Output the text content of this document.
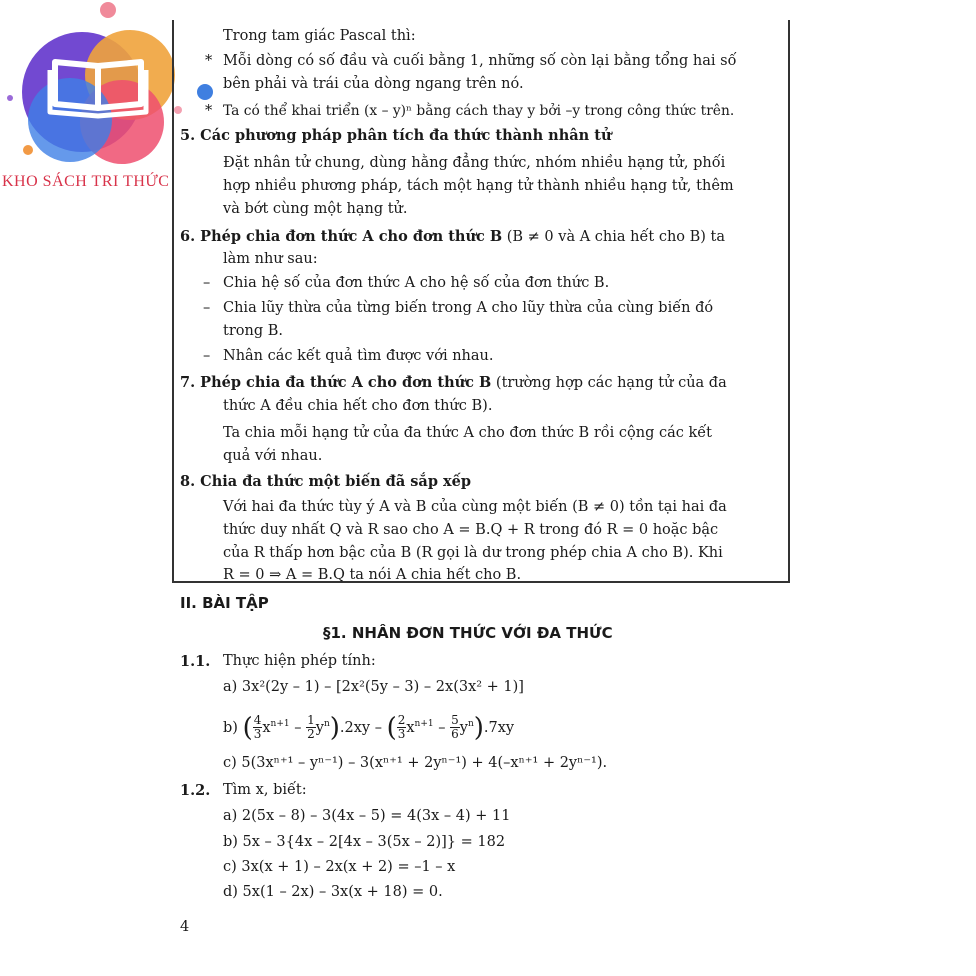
KHO SÁCH TRI THỨC
Trong tam giác Pascal thì:
* Mỗi dòng có số đầu và cuối bằng 1, những số còn lại bằng tổng hai số
bên phải và trái của dòng ngang trên nó.
* Ta có thể khai triển (x – y)ⁿ bằng cách thay y bởi –y trong công thức trên.
5. Các phương pháp phân tích đa thức thành nhân tử
Đặt nhân tử chung, dùng hằng đẳng thức, nhóm nhiều hạng tử, phối
hợp nhiều phương pháp, tách một hạng tử thành nhiều hạng tử, thêm
và bớt cùng một hạng tử.
6. Phép chia đơn thức A cho đơn thức B (B ≠ 0 và A chia hết cho B) ta
làm như sau:
– Chia hệ số của đơn thức A cho hệ số của đơn thức B.
– Chia lũy thừa của từng biến trong A cho lũy thừa của cùng biến đó
trong B.
– Nhân các kết quả tìm được với nhau.
7. Phép chia đa thức A cho đơn thức B (trường hợp các hạng tử của đa
thức A đều chia hết cho đơn thức B).
Ta chia mỗi hạng tử của đa thức A cho đơn thức B rồi cộng các kết
quả với nhau.
8. Chia đa thức một biến đã sắp xếp
Với hai đa thức tùy ý A và B của cùng một biến (B ≠ 0) tồn tại hai đa
thức duy nhất Q và R sao cho A = B.Q + R trong đó R = 0 hoặc bậc
của R thấp hơn bậc của B (R gọi là dư trong phép chia A cho B). Khi
R = 0 ⇒ A = B.Q ta nói A chia hết cho B.
II. BÀI TẬP
§1. NHÂN ĐƠN THỨC VỚI ĐA THỨC
1.1. Thực hiện phép tính:
a) 3x²(2y – 1) – [2x²(5y – 3) – 2x(3x² + 1)]
b) ( $\frac{4}{3} x^{n+1} - \frac{1}{2} y^n).2xy$ – ( $\frac{2}{3} x^{n+1} - \frac{5}{6} y^n).7xy$
c) 5(3xⁿ⁺¹ – yⁿ⁻¹) – 3(xⁿ⁺¹ + 2yⁿ⁻¹) + 4(–xⁿ⁺¹ + 2yⁿ⁻¹).
1.2. Tìm x, biết:
a) 2(5x – 8) – 3(4x – 5) = 4(3x – 4) + 11
b) 5x – 3{4x – 2[4x – 3(5x – 2)]} = 182
c) 3x(x + 1) – 2x(x + 2) = –1 – x
d) 5x(1 – 2x) – 3x(x + 18) = 0.
4
